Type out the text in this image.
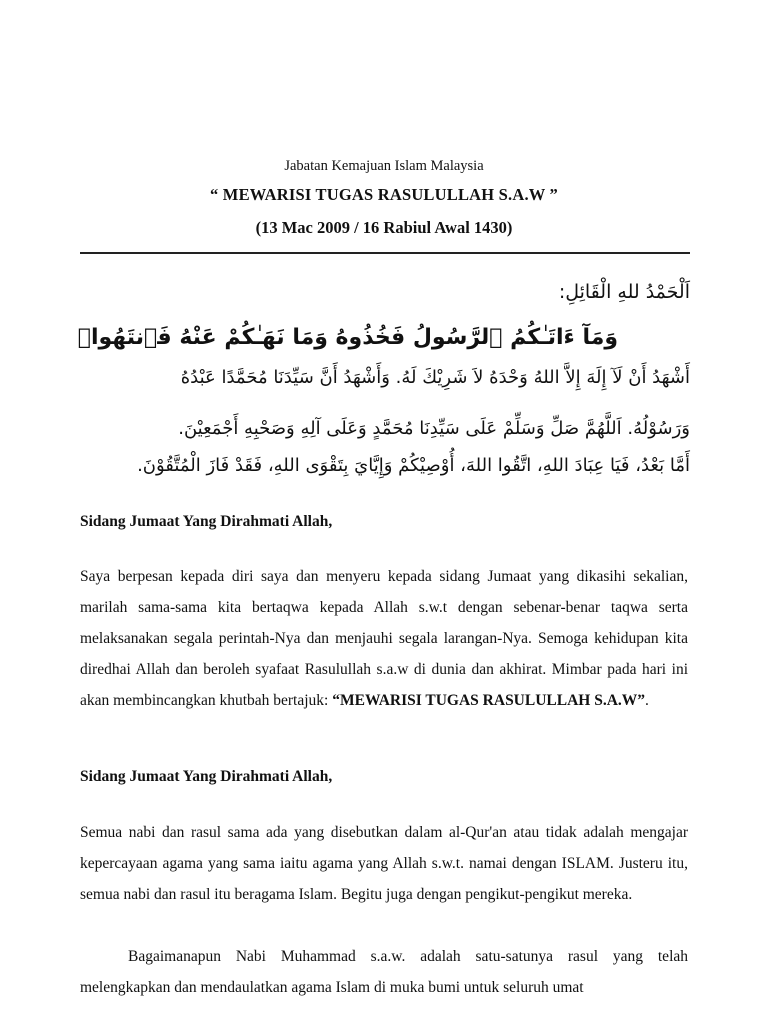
Jabatan Kemajuan Islam Malaysia
“ MEWARISI TUGAS RASULULLAH S.A.W ”
(13 Mac 2009 / 16 Rabiul Awal 1430)
اَلْحَمْدُ للهِ الْقَائِلِ:
وَمَآ ءَاتَـٰكُمُ ٱلرَّسُولُ فَخُذُوهُ وَمَا نَهَـٰكُمْ عَنْهُ فَٱنتَهُوا۟
أَشْهَدُ أَنْ لَآ إِلَهَ إِلاَّ اللهُ وَحْدَهُ لاَ شَرِيْكَ لَهُ. وَأَشْهَدُ أَنَّ سَيِّدَنَا مُحَمَّدًا عَبْدُهُ
وَرَسُوْلُهُ. اَللَّهُمَّ صَلِّ وَسَلِّمْ عَلَى سَيِّدِنَا مُحَمَّدٍ وَعَلَى آلِهِ وَصَحْبِهِ أَجْمَعِيْنَ.
أَمَّا بَعْدُ، فَيَا عِبَادَ اللهِ، اتَّقُوا اللهَ، أُوْصِيْكُمْ وَإِيَّايَ بِتَقْوَى اللهِ، فَقَدْ فَازَ الْمُتَّقُوْنَ.
Sidang Jumaat Yang Dirahmati Allah,
Saya berpesan kepada diri saya dan menyeru kepada sidang Jumaat yang dikasihi sekalian, marilah sama-sama kita bertaqwa kepada Allah s.w.t dengan sebenar-benar taqwa serta melaksanakan segala perintah-Nya dan menjauhi segala larangan-Nya. Semoga kehidupan kita diredhai Allah dan beroleh syafaat Rasulullah s.a.w di dunia dan akhirat. Mimbar pada hari ini akan membincangkan khutbah bertajuk: “MEWARISI TUGAS RASULULLAH S.A.W”.
Sidang Jumaat Yang Dirahmati Allah,
Semua nabi dan rasul sama ada yang disebutkan dalam al-Qur'an atau tidak adalah mengajar kepercayaan agama yang sama iaitu agama yang Allah s.w.t. namai dengan ISLAM. Justeru itu, semua nabi dan rasul itu beragama Islam. Begitu juga dengan pengikut-pengikut mereka.
Bagaimanapun Nabi Muhammad s.a.w. adalah satu-satunya rasul yang telah melengkapkan dan mendaulatkan agama Islam di muka bumi untuk seluruh umat
